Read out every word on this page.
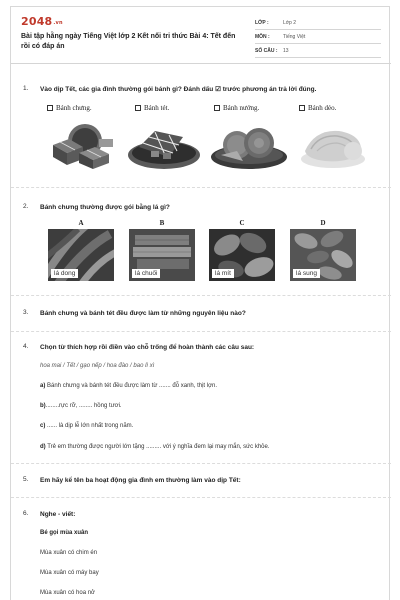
$2048^{.vn}$
Bài tập hằng ngày Tiếng Việt lớp 2 Kết nối tri thức Bài 4: Tết đến rồi có đáp án
LỚP :	Lớp 2
MÔN :	Tiếng Việt
SỐ CÂU :	13
1.	Vào dịp Tết, các gia đình thường gói bánh gì? Đánh dấu ☑ trước phương án trả lời đúng.
Bánh chưng.	Bánh tét.	Bánh nướng.	Bánh dẻo.
2.	Bánh chưng thường được gói bằng lá gì?
A	B	C	D
lá dong	lá chuối	lá mít	lá sung
3.	Bánh chưng và bánh tét đều được làm từ những nguyên liệu nào?
4.	Chọn từ thích hợp rồi điền vào chỗ trống để hoàn thành các câu sau:
hoa mai / Tết / gạo nếp / hoa đào / bao lì xì
a) Bánh chưng và bánh tét đều được làm từ ....... đỗ xanh, thịt lợn.
b)........rực rỡ, ........ hồng tươi.
c) ...... là dịp lễ lớn nhất trong năm.
d) Trẻ em thường được người lớn tặng ......... với ý nghĩa đem lại may mắn, sức khỏe.
5.	Em hãy kể tên ba hoạt động gia đình em thường làm vào dịp Tết:
6.	Nghe - viết:
Bé gọi mùa xuân
Mùa xuân có chim én
Mùa xuân có máy bay
Mùa xuân có hoa nở
